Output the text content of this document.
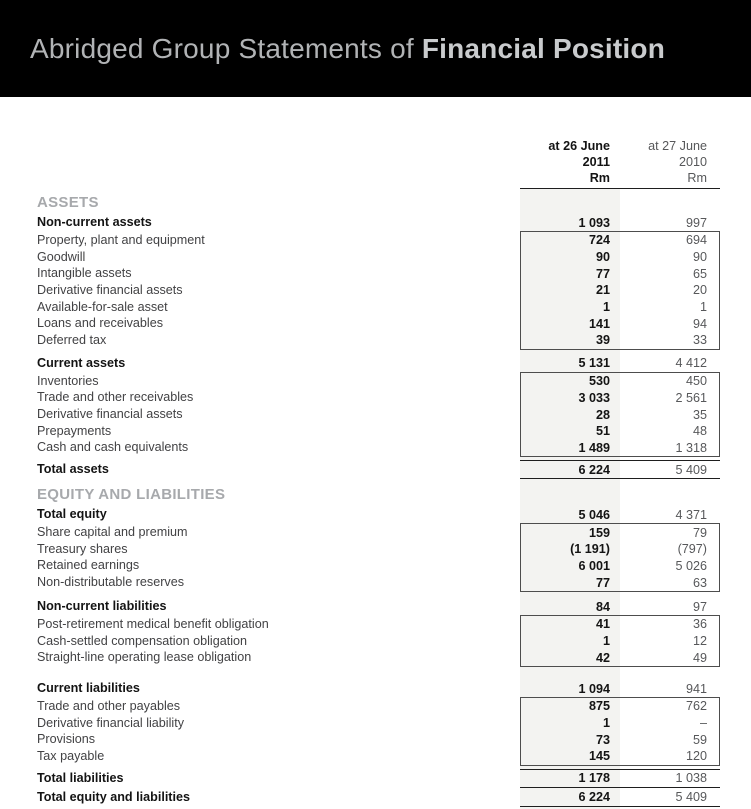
Abridged Group Statements of Financial Position
at 26 June
2011
Rm
at 27 June
2010
Rm
ASSETS
Non-current assets	1 093	997
Property, plant and equipment	724	694
Goodwill	90	90
Intangible assets	77	65
Derivative financial assets	21	20
Available-for-sale asset	1	1
Loans and receivables	141	94
Deferred tax	39	33
Current assets	5 131	4 412
Inventories	530	450
Trade and other receivables	3 033	2 561
Derivative financial assets	28	35
Prepayments	51	48
Cash and cash equivalents	1 489	1 318
Total assets	6 224	5 409
EQUITY AND LIABILITIES
Total equity	5 046	4 371
Share capital and premium	159	79
Treasury shares	(1 191)	(797)
Retained earnings	6 001	5 026
Non-distributable reserves	77	63
Non-current liabilities	84	97
Post-retirement medical benefit obligation	41	36
Cash-settled compensation obligation	1	12
Straight-line operating lease obligation	42	49
Current liabilities	1 094	941
Trade and other payables	875	762
Derivative financial liability	1	–
Provisions	73	59
Tax payable	145	120
Total liabilities	1 178	1 038
Total equity and liabilities	6 224	5 409
